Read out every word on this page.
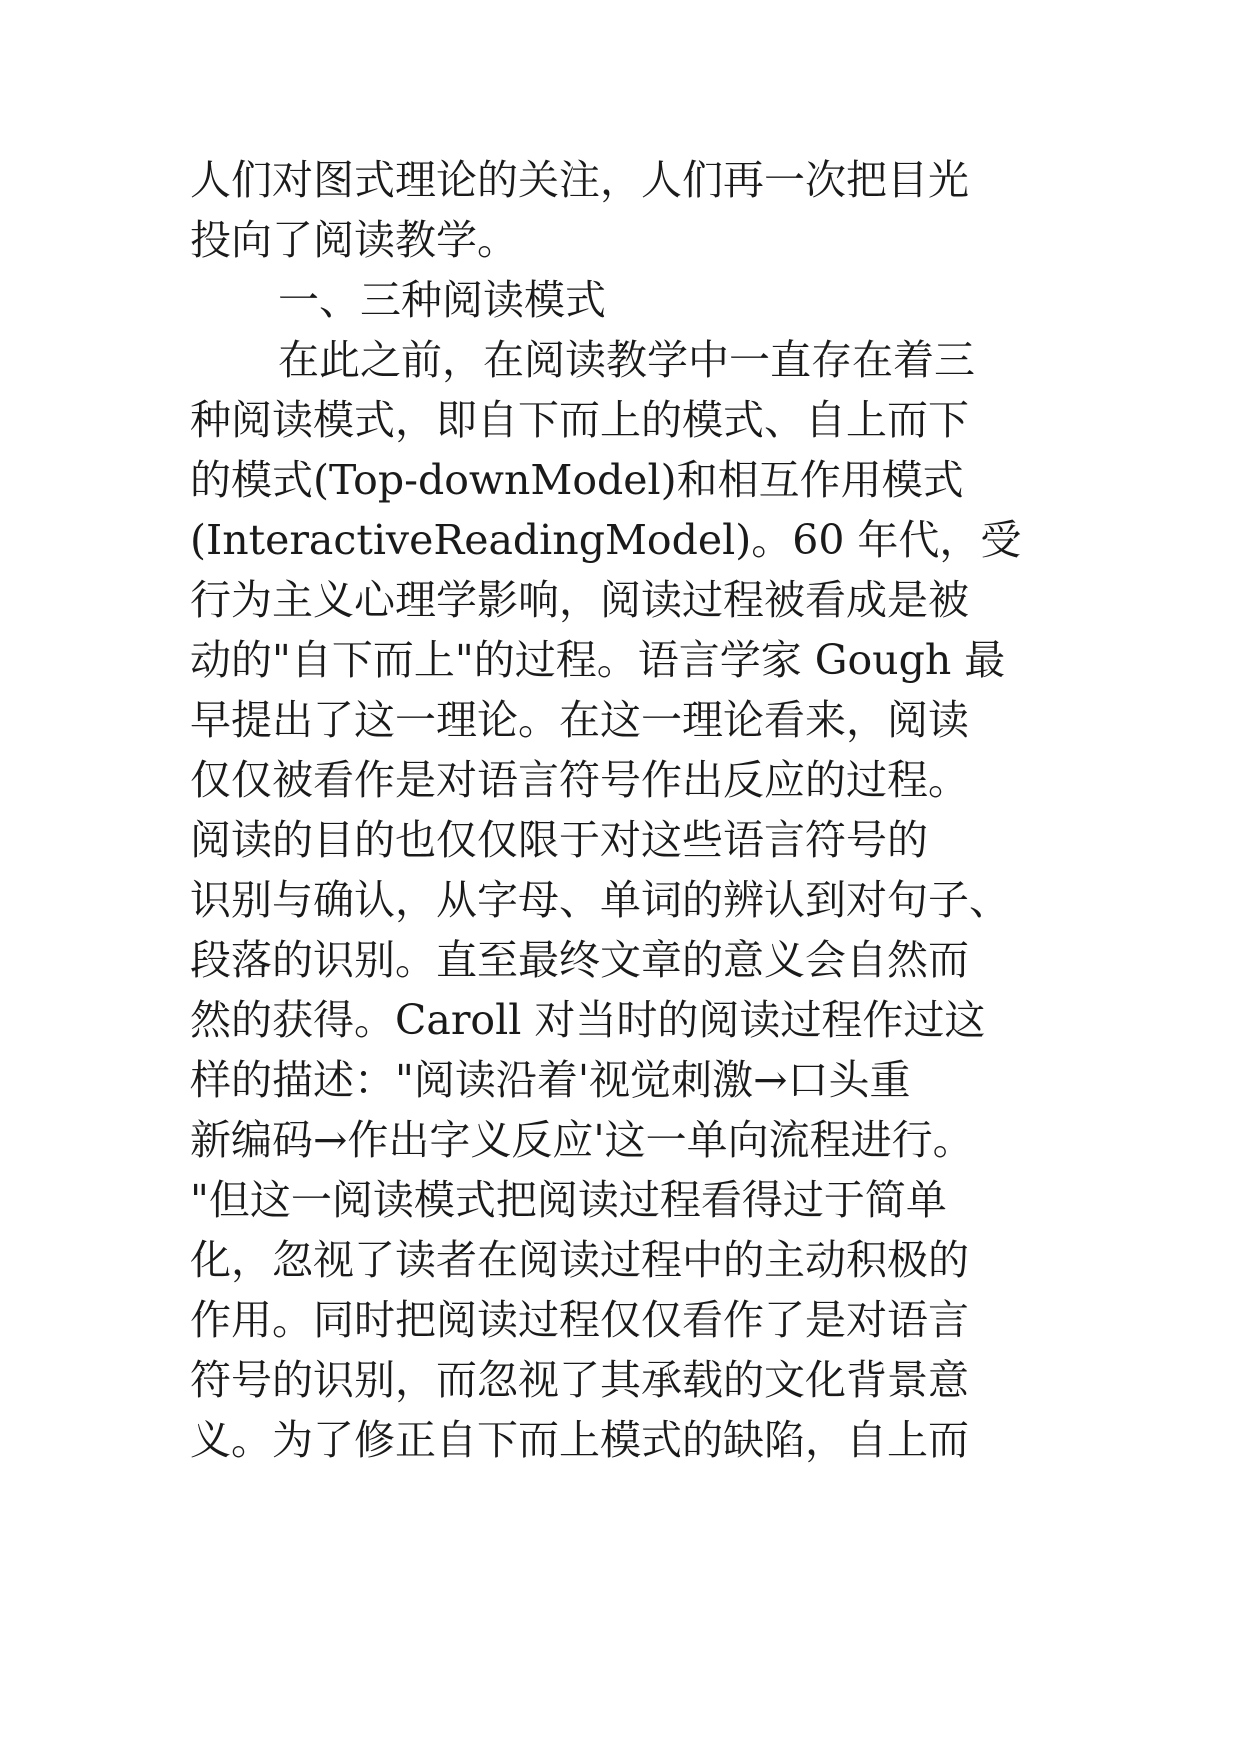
人们对图式理论的关注，人们再一次把目光
投向了阅读教学。
一、三种阅读模式
在此之前，在阅读教学中一直存在着三
种阅读模式，即自下而上的模式、自上而下
的模式(Top-downModel)和相互作用模式
(InteractiveReadingModel)。60 年代，受
行为主义心理学影响，阅读过程被看成是被
动的"自下而上"的过程。语言学家 Gough 最
早提出了这一理论。在这一理论看来，阅读
仅仅被看作是对语言符号作出反应的过程。
阅读的目的也仅仅限于对这些语言符号的
识别与确认，从字母、单词的辨认到对句子、
段落的识别。直至最终文章的意义会自然而
然的获得。Caroll 对当时的阅读过程作过这
样的描述："阅读沿着'视觉刺激→口头重
新编码→作出字义反应'这一单向流程进行。
"但这一阅读模式把阅读过程看得过于简单
化，忽视了读者在阅读过程中的主动积极的
作用。同时把阅读过程仅仅看作了是对语言
符号的识别，而忽视了其承载的文化背景意
义。为了修正自下而上模式的缺陷，自上而
